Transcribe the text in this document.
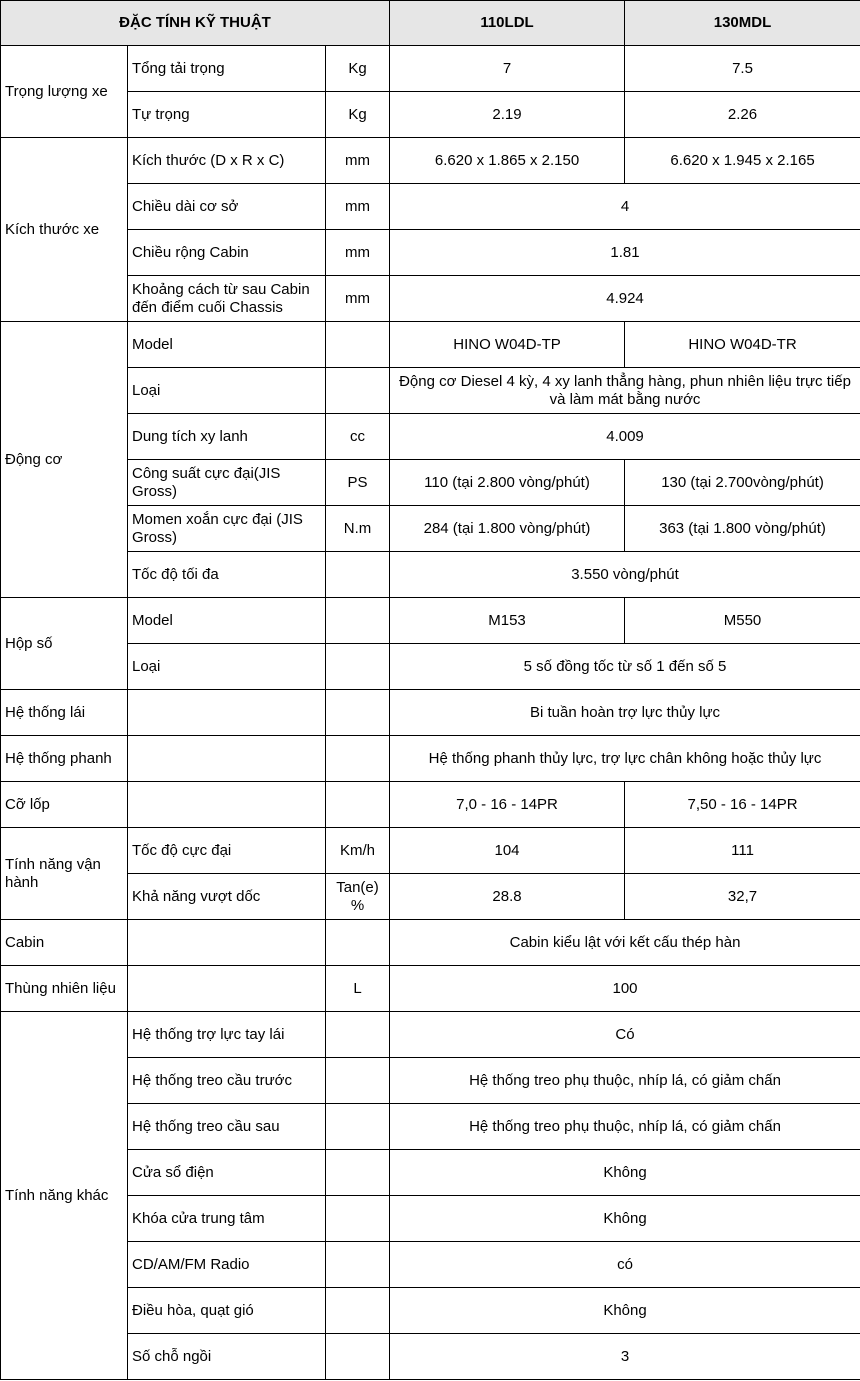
ĐẶC TÍNH KỸ THUẬT			110LDL	130MDL
Trọng lượng xe	Tổng tải trọng	Kg	7	7.5
	Tự trọng	Kg	2.19	2.26
Kích thước xe	Kích thước (D x R x C)	mm	6.620 x 1.865 x 2.150	6.620 x 1.945 x 2.165
	Chiều dài cơ sở	mm	4	
	Chiều rộng Cabin	mm	1.81	
	Khoảng cách từ sau Cabin đến điểm cuối Chassis	mm	4.924	
Động cơ	Model		HINO W04D-TP	HINO W04D-TR
	Loại		Động cơ Diesel 4 kỳ, 4 xy lanh thẳng hàng, phun nhiên liệu trực tiếp và làm mát bằng nước	
	Dung tích xy lanh	cc	4.009	
	Công suất cực đại(JIS Gross)	PS	110 (tại 2.800 vòng/phút)	130 (tại 2.700vòng/phút)
	Momen xoắn cực đại (JIS Gross)	N.m	284 (tại 1.800 vòng/phút)	363 (tại 1.800 vòng/phút)
	Tốc độ tối đa		3.550 vòng/phút	
Hộp số	Model		M153	M550
	Loại		5 số đồng tốc từ số 1 đến số 5	
Hệ thống lái			Bi tuần hoàn trợ lực thủy lực	
Hệ thống phanh			Hệ thống phanh thủy lực, trợ lực chân không hoặc thủy lực	
Cỡ lốp			7,0 - 16 - 14PR	7,50 - 16 - 14PR
Tính năng vận hành	Tốc độ cực đại	Km/h	104	111
	Khả năng vượt dốc	Tan(e) %	28.8	32,7
Cabin			Cabin kiểu lật với kết cấu thép hàn	
Thùng nhiên liệu		L	100	
Tính năng khác	Hệ thống trợ lực tay lái		Có	
	Hệ thống treo cầu trước		Hệ thống treo phụ thuộc, nhíp lá, có giảm chấn	
	Hệ thống treo cầu sau		Hệ thống treo phụ thuộc, nhíp lá, có giảm chấn	
	Cửa sổ điện		Không	
	Khóa cửa trung tâm		Không	
	CD/AM/FM Radio		có	
	Điều hòa, quạt gió		Không	
	Số chỗ ngồi		3	
